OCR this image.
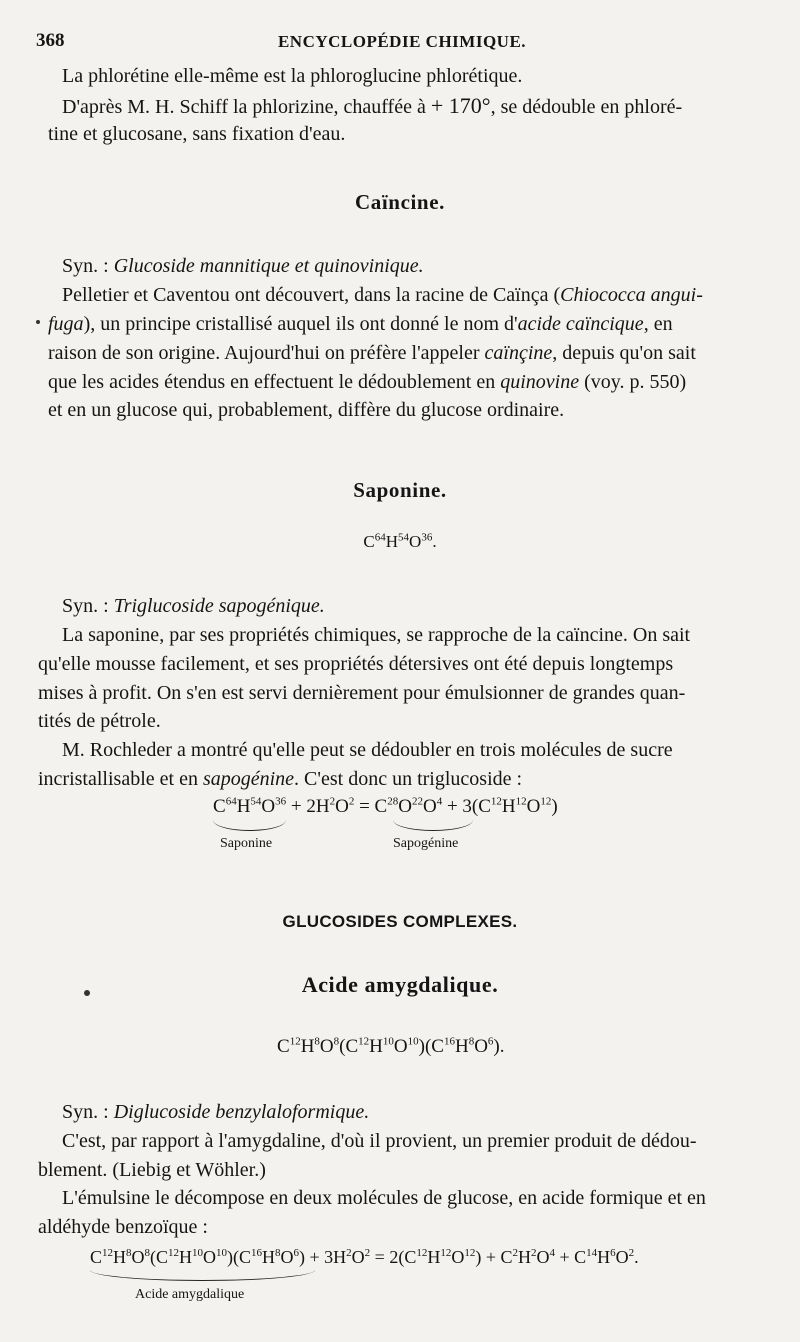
368	ENCYCLOPÉDIE CHIMIQUE.
La phlorétine elle-même est la phloroglucine phlorétique.
D'après M. H. Schiff la phlorizine, chauffée à + 170°, se dédouble en phloré-
tine et glucosane, sans fixation d'eau.
Caïncine.
Syn. : Glucoside mannitique et quinovinique.
Pelletier et Caventou ont découvert, dans la racine de Caïnça (Chiococca angui-
fuga), un principe cristallisé auquel ils ont donné le nom d'acide caïncique, en
raison de son origine. Aujourd'hui on préfère l'appeler caïnçine, depuis qu'on sait
que les acides étendus en effectuent le dédoublement en quinovine (voy. p. 550)
et en un glucose qui, probablement, diffère du glucose ordinaire.
Saponine.
$C^{64}H^{54}O^{36}$.
Syn. : Triglucoside sapogénique.
La saponine, par ses propriétés chimiques, se rapproche de la caïncine. On sait
qu'elle mousse facilement, et ses propriétés détersives ont été depuis longtemps
mises à profit. On s'en est servi dernièrement pour émulsionner de grandes quan-
tités de pétrole.
M. Rochleder a montré qu'elle peut se dédoubler en trois molécules de sucre
incristallisable et en sapogénine. C'est donc un triglucoside :
$C^{64}H^{54}O^{36} + 2H^2O^2 = C^{28}O^{22}O^4 + 3(C^{12}H^{12}O^{12})$
Saponine	Sapogénine
GLUCOSIDES COMPLEXES.
Acide amygdalique.
$C^{12}H^8O^8(C^{12}H^{10}O^{10})(C^{16}H^8O^6)$.
Syn. : Diglucoside benzylaloformique.
C'est, par rapport à l'amygdaline, d'où il provient, un premier produit de dédou-
blement. (Liebig et Wöhler.)
L'émulsine le décompose en deux molécules de glucose, en acide formique et en
aldéhyde benzoïque :
$C^{12}H^8O^8(C^{12}H^{10}O^{10})(C^{16}H^8O^6) + 3H^2O^2 = 2(C^{12}H^{12}O^{12}) + C^2H^2O^4 + C^{14}H^6O^2$.
Acide amygdalique
